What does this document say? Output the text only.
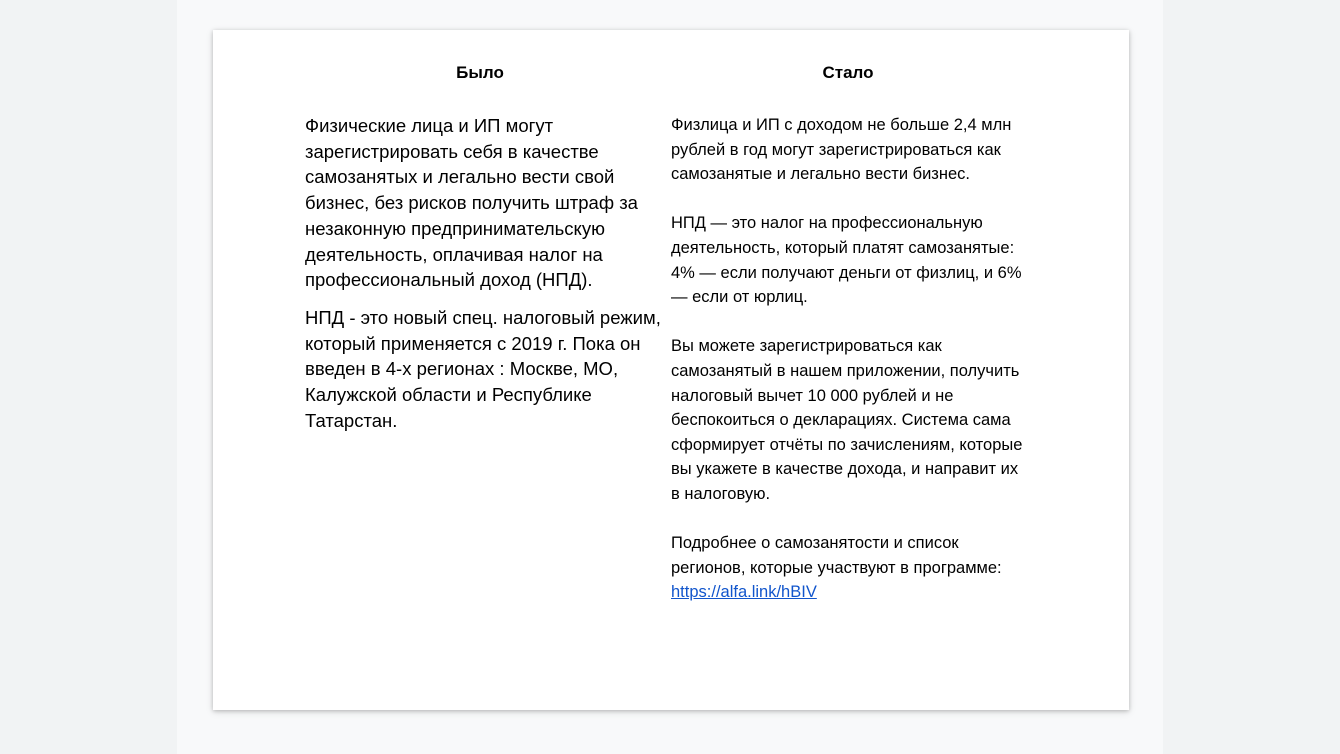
Было

Физические лица и ИП могут зарегистрировать себя в качестве самозанятых и легально вести свой бизнес, без рисков получить штраф за незаконную предпринимательскую деятельность, оплачивая налог на профессиональный доход (НПД).

НПД - это новый спец. налоговый режим, который применяется с 2019 г. Пока он введен в 4-х регионах : Москве, МО, Калужской области и Республике Татарстан.

Стало

Физлица и ИП с доходом не больше 2,4 млн рублей в год могут зарегистрироваться как самозанятые и легально вести бизнес.

НПД — это налог на профессиональную деятельность, который платят самозанятые: 4% — если получают деньги от физлиц, и 6% — если от юрлиц.

Вы можете зарегистрироваться как самозанятый в нашем приложении, получить налоговый вычет 10 000 рублей и не беспокоиться о декларациях. Система сама сформирует отчёты по зачислениям, которые вы укажете в качестве дохода, и направит их в налоговую.

Подробнее о самозанятости и список регионов, которые участвуют в программе: https://alfa.link/hBIV
